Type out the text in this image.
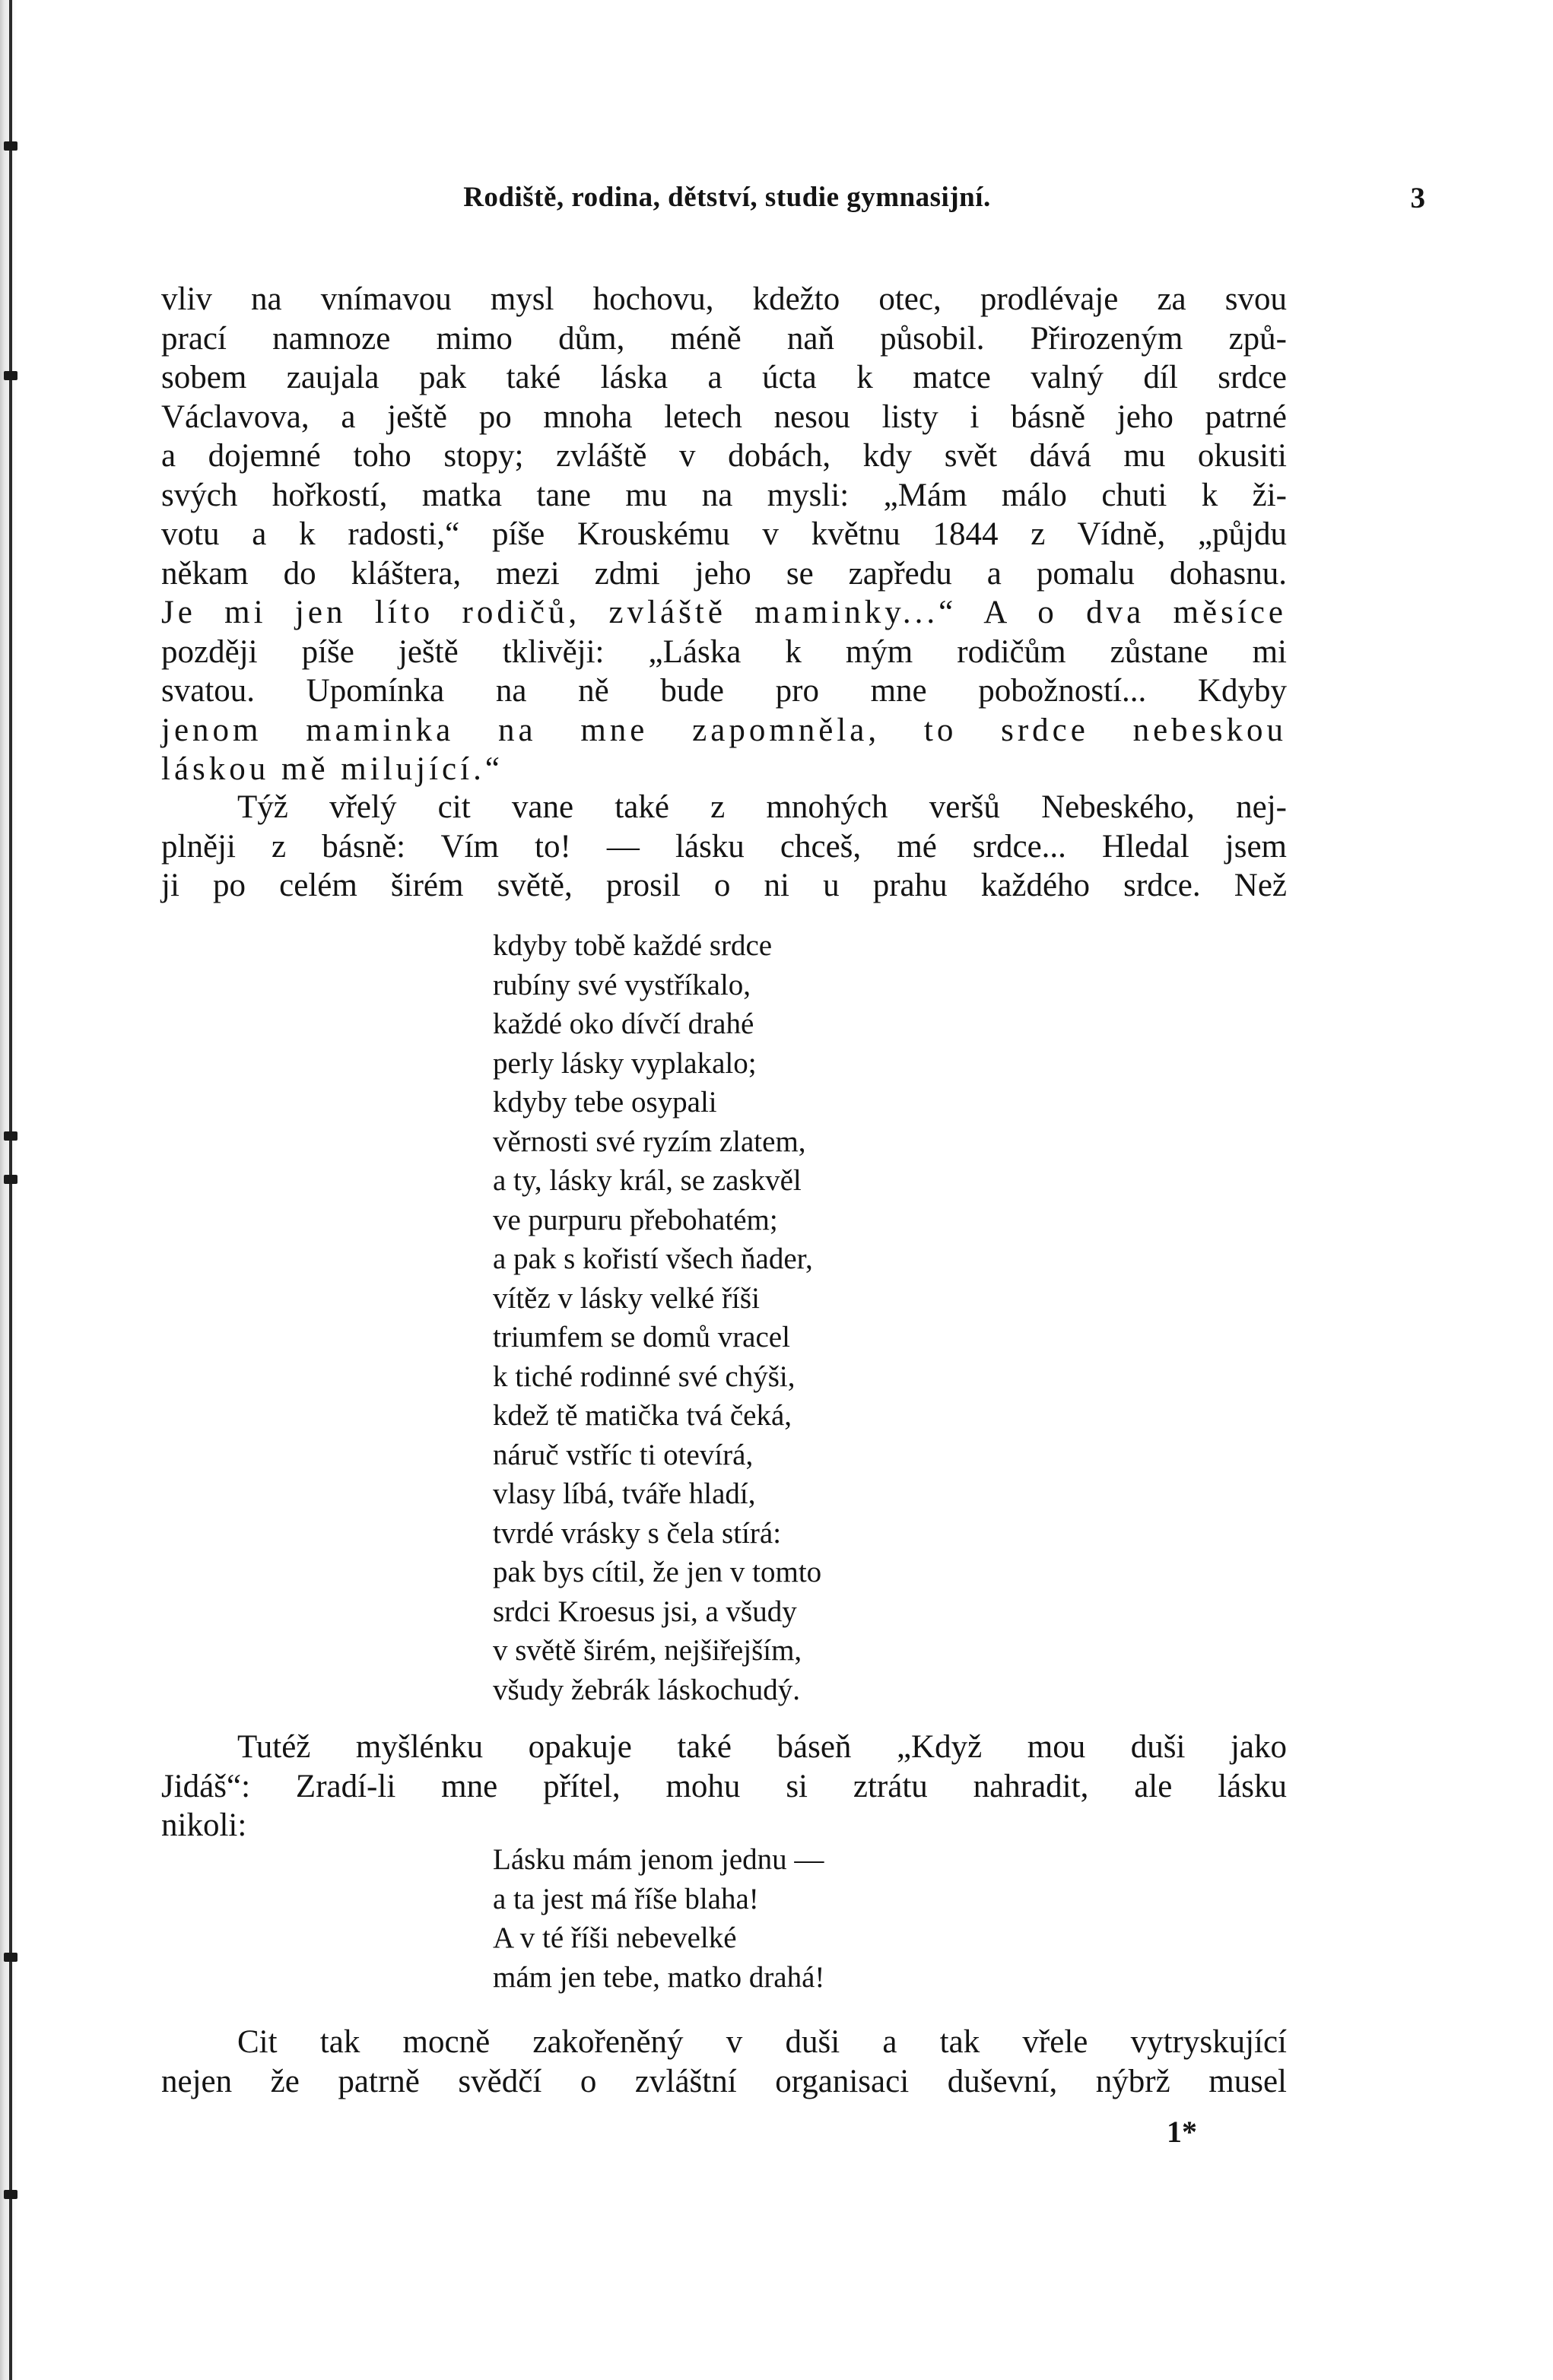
Rodiště, rodina, dětství, studie gymnasijní.	3

vliv na vnímavou mysl hochovu, kdežto otec, prodlévaje za svou

prací namnoze mimo dům, méně naň působil. Přirozeným způ-

sobem zaujala pak také láska a úcta k matce valný díl srdce

Václavova, a ještě po mnoha letech nesou listy i básně jeho patrné

a dojemné toho stopy; zvláště v dobách, kdy svět dává mu okusiti

svých hořkostí, matka tane mu na mysli: „Mám málo chuti k ži-

votu a k radosti,“ píše Krouskému v květnu 1844 z Vídně, „půjdu

někam do kláštera, mezi zdmi jeho se zapředu a pomalu dohasnu.

Je mi jen líto rodičů, zvláště maminky...“ A o dva měsíce

později píše ještě tklivěji: „Láska k mým rodičům zůstane mi

svatou. Upomínka na ně bude pro mne pobožností... Kdyby

jenom maminka na mne zapomněla, to srdce nebeskou

láskou mě milující.“

Týž vřelý cit vane také z mnohých veršů Nebeského, nej-

plněji z básně: Vím to! — lásku chceš, mé srdce... Hledal jsem

ji po celém širém světě, prosil o ni u prahu každého srdce. Než

kdyby tobě každé srdce
rubíny své vystříkalo,
každé oko dívčí drahé
perly lásky vyplakalo;
kdyby tebe osypali
věrnosti své ryzím zlatem,
a ty, lásky král, se zaskvěl
ve purpuru přebohatém;
a pak s kořistí všech ňader,
vítěz v lásky velké říši
triumfem se domů vracel
k tiché rodinné své chýši,
kdež tě matička tvá čeká,
náruč vstříc ti otevírá,
vlasy líbá, tváře hladí,
tvrdé vrásky s čela stírá:
pak bys cítil, že jen v tomto
srdci Kroesus jsi, a všudy
v světě širém, nejšiřejším,
všudy žebrák láskochudý.

Tutéž myšlénku opakuje také báseň „Když mou duši jako

Jidáš“: Zradí-li mne přítel, mohu si ztrátu nahradit, ale lásku

nikoli:

Lásku mám jenom jednu —
a ta jest má říše blaha!
A v té říši nebevelké
mám jen tebe, matko drahá!

Cit tak mocně zakořeněný v duši a tak vřele vytryskující

nejen že patrně svědčí o zvláštní organisaci duševní, nýbrž musel

1*
